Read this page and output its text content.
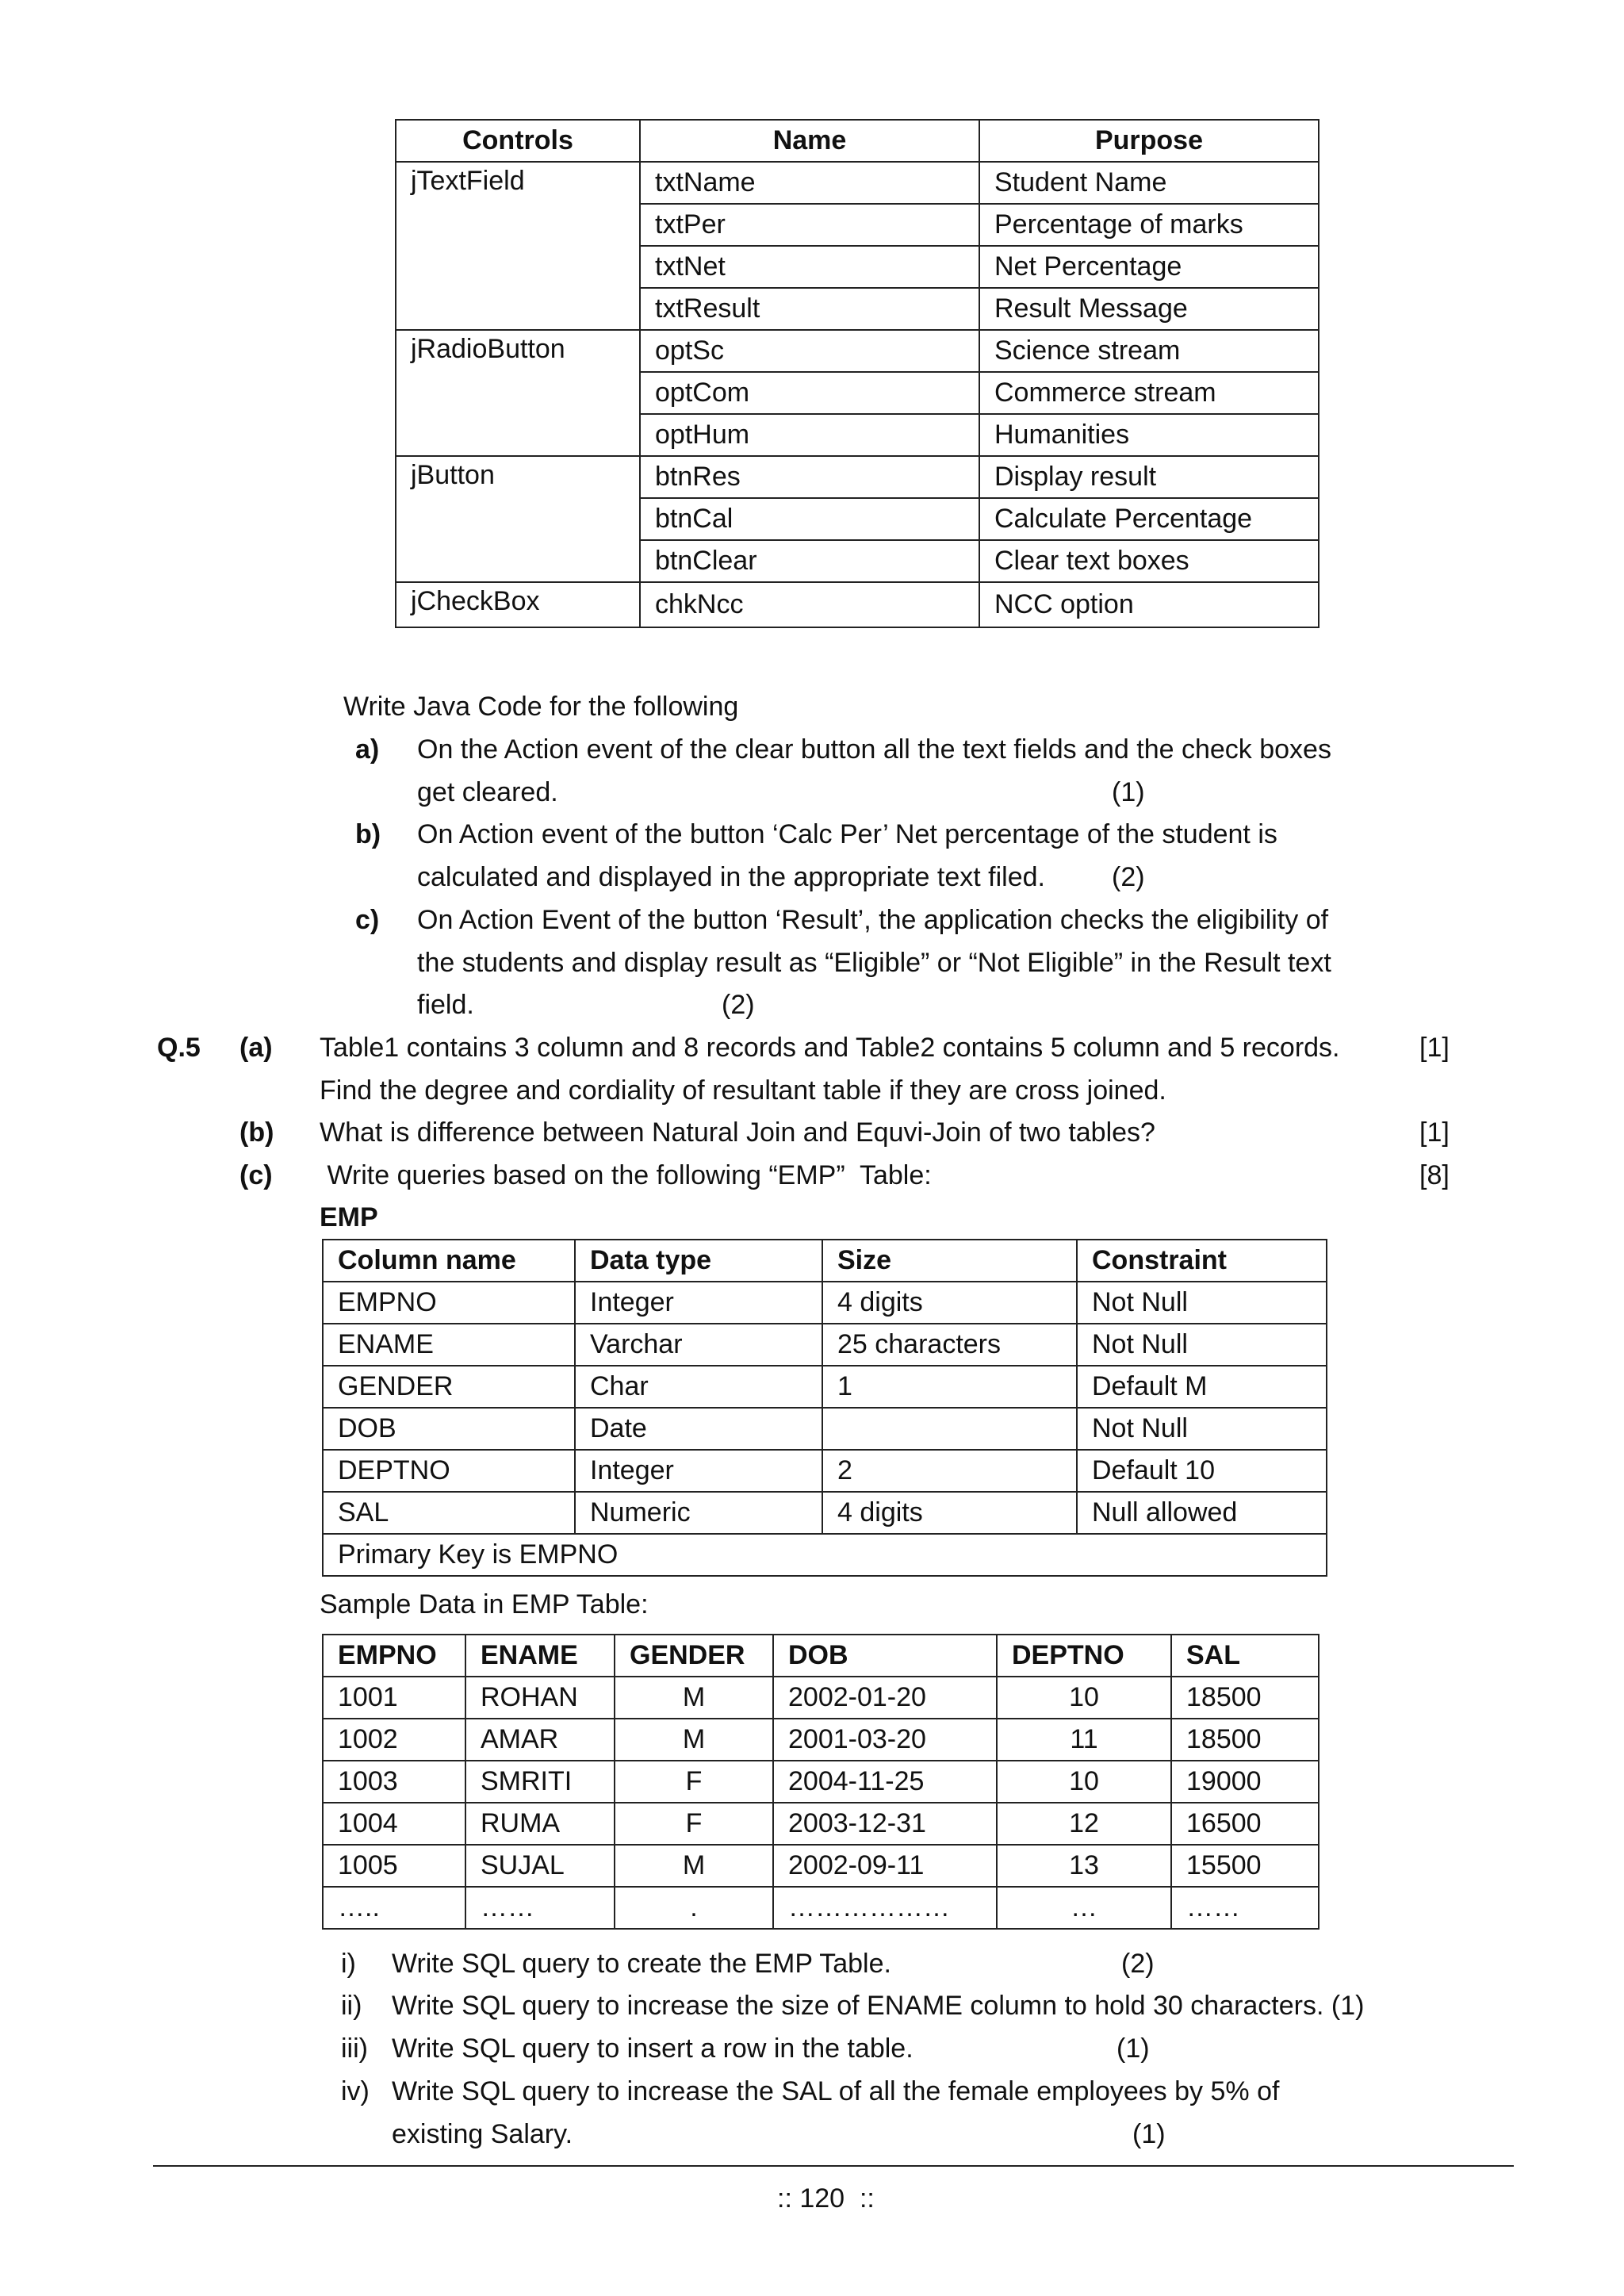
Controls	Name	Purpose
jTextField	txtName	Student Name
	txtPer	Percentage of marks
	txtNet	Net Percentage
	txtResult	Result Message
jRadioButton	optSc	Science stream
	optCom	Commerce stream
	optHum	Humanities
jButton	btnRes	Display result
	btnCal	Calculate Percentage
	btnClear	Clear text boxes
jCheckBox	chkNcc	NCC option
Write Java Code for the following
a) On the Action event of the clear button all the text fields and the check boxes
get cleared.	(1)
b) On Action event of the button ‘Calc Per’ Net percentage of the student is
calculated and displayed in the appropriate text filed. (2)
c) On Action Event of the button ‘Result’, the application checks the eligibility of
the students and display result as “Eligible” or “Not Eligible” in the Result text
field.	(2)
Q.5 (a) Table1 contains 3 column and 8 records and Table2 contains 5 column and 5 records.	[1]
Find the degree and cordiality of resultant table if they are cross joined.
(b) What is difference between Natural Join and Equvi-Join of two tables?	[1]
(c) Write queries based on the following “EMP”  Table:	[8]
EMP
Column name	Data type	Size	Constraint
EMPNO	Integer	4 digits	Not Null
ENAME	Varchar	25 characters	Not Null
GENDER	Char	1	Default M
DOB	Date		Not Null
DEPTNO	Integer	2	Default 10
SAL	Numeric	4 digits	Null allowed
Primary Key is EMPNO			
Sample Data in EMP Table:
EMPNO	ENAME	GENDER	DOB	DEPTNO	SAL
1001	ROHAN	M	2002-01-20	10	18500
1002	AMAR	M	2001-03-20	11	18500
1003	SMRITI	F	2004-11-25	10	19000
1004	RUMA	F	2003-12-31	12	16500
1005	SUJAL	M	2002-09-11	13	15500
…..	……	.	………………	…	……
i) Write SQL query to create the EMP Table.	(2)
ii) Write SQL query to increase the size of ENAME column to hold 30 characters. (1)
iii) Write SQL query to insert a row in the table.	(1)
iv) Write SQL query to increase the SAL of all the female employees by 5% of
existing Salary.	(1)
:: 120  ::
